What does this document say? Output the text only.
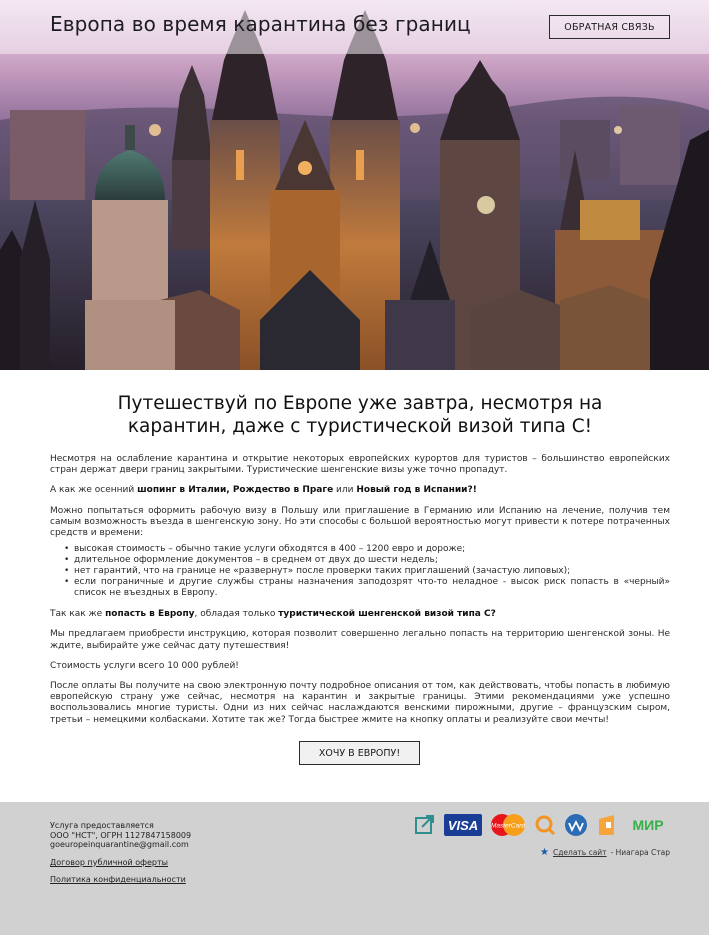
Европа во время карантина без границ	ОБРАТНАЯ СВЯЗЬ
Путешествуй по Европе уже завтра, несмотря на карантин, даже с туристической визой типа С!

Несмотря на ослабление карантина и открытие некоторых европейских курортов для туристов – большинство европейских стран держат двери границ закрытыми. Туристические шенгенские визы уже точно пропадут.

А как же осенний шопинг в Италии, Рождество в Праге или Новый год в Испании?!

Можно попытаться оформить рабочую визу в Польшу или приглашение в Германию или Испанию на лечение, получив тем самым возможность въезда в шенгенскую зону. Но эти способы с большой вероятностью могут привести к потере потраченных средств и времени:

• высокая стоимость – обычно такие услуги обходятся в 400 – 1200 евро и дороже;
• длительное оформление документов – в среднем от двух до шести недель;
• нет гарантий, что на границе не «развернут» после проверки таких приглашений (зачастую липовых);
• если пограничные и другие службы страны назначения заподозрят что-то неладное - высок риск попасть в «черный» список не въездных в Европу.

Так как же попасть в Европу, обладая только туристической шенгенской визой типа С?

Мы предлагаем приобрести инструкцию, которая позволит совершенно легально попасть на территорию шенгенской зоны. Не ждите, выбирайте уже сейчас дату путешествия!

Стоимость услуги всего 10 000 рублей!

После оплаты Вы получите на свою электронную почту подробное описания от том, как действовать, чтобы попасть в любимую европейскую страну уже сейчас, несмотря на карантин и закрытые границы. Этими рекомендациями уже успешно воспользовались многие туристы. Одни из них сейчас наслаждаются венскими пирожными, другие – французским сыром, третьи – немецкими колбасками. Хотите так же? Тогда быстрее жмите на кнопку оплаты и реализуйте свои мечты!

ХОЧУ В ЕВРОПУ!
Услуга предоставляется
ООО "НСТ", ОГРН 1127847158009
goeuropeinquarantine@gmail.com
Договор публичной оферты
Политика конфиденциальности
VISA MasterCard	МИР
★ Сделать сайт - Ниагара Стар
